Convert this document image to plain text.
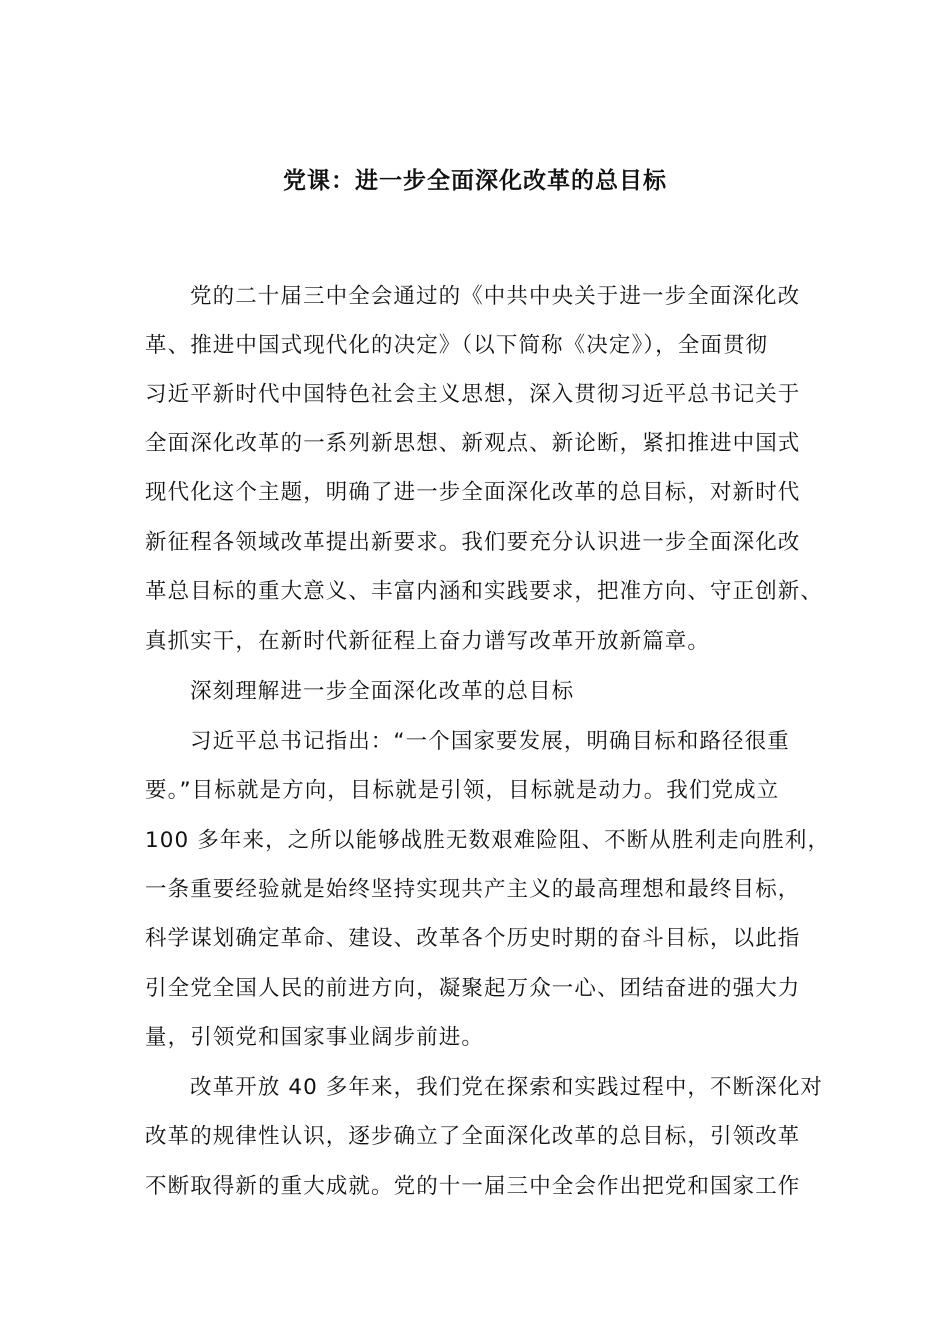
党课：进一步全面深化改革的总目标
党的二十届三中全会通过的《中共中央关于进一步全面深化改
革、推进中国式现代化的决定》（以下简称《决定》），全面贯彻
习近平新时代中国特色社会主义思想，深入贯彻习近平总书记关于
全面深化改革的一系列新思想、新观点、新论断，紧扣推进中国式
现代化这个主题，明确了进一步全面深化改革的总目标，对新时代
新征程各领域改革提出新要求。我们要充分认识进一步全面深化改
革总目标的重大意义、丰富内涵和实践要求，把准方向、守正创新、
真抓实干，在新时代新征程上奋力谱写改革开放新篇章。
深刻理解进一步全面深化改革的总目标
习近平总书记指出：“一个国家要发展，明确目标和路径很重
要。”目标就是方向，目标就是引领，目标就是动力。我们党成立
100 多年来，之所以能够战胜无数艰难险阻、不断从胜利走向胜利，
一条重要经验就是始终坚持实现共产主义的最高理想和最终目标，
科学谋划确定革命、建设、改革各个历史时期的奋斗目标，以此指
引全党全国人民的前进方向，凝聚起万众一心、团结奋进的强大力
量，引领党和国家事业阔步前进。
改革开放 40 多年来，我们党在探索和实践过程中，不断深化对
改革的规律性认识，逐步确立了全面深化改革的总目标，引领改革
不断取得新的重大成就。党的十一届三中全会作出把党和国家工作
